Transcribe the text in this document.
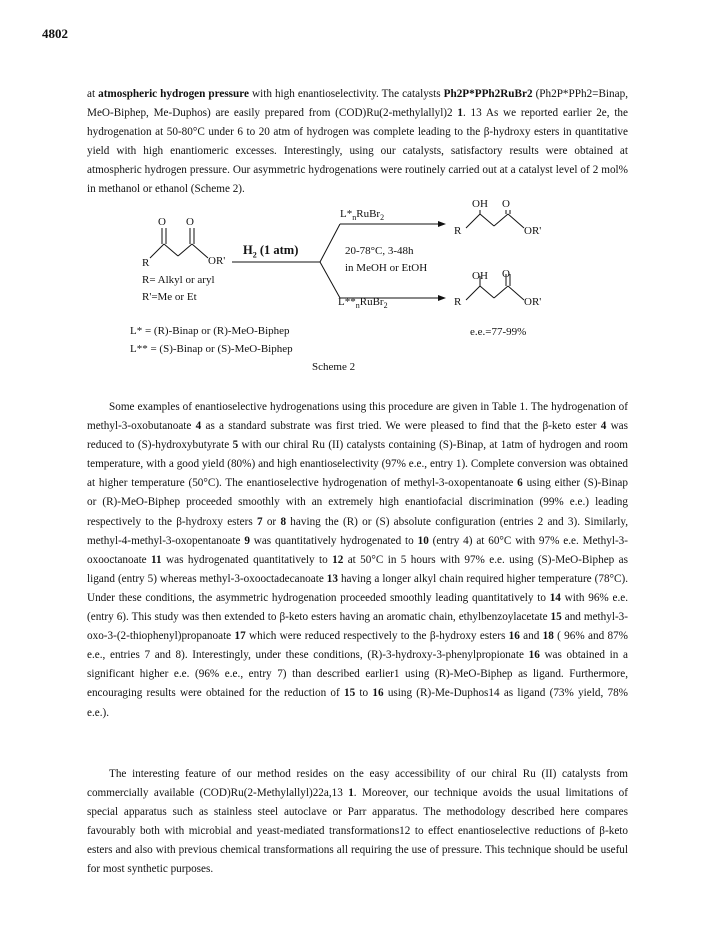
4802

at atmospheric hydrogen pressure with high enantioselectivity. The catalysts Ph2P*PPh2RuBr2 (Ph2P*PPh2=Binap, MeO-Biphep, Me-Duphos) are easily prepared from (COD)Ru(2-methylallyl)2 1. 13 As we reported earlier 2e, the hydrogenation at 50-80°C under 6 to 20 atm of hydrogen was complete leading to the β-hydroxy esters in quantitative yield with high enantiomeric excesses. Interestingly, using our catalysts, satisfactory results were obtained at atmospheric hydrogen pressure. Our asymmetric hydrogenations were routinely carried out at a catalyst level of 2 mol% in methanol or ethanol (Scheme 2).

O O
R	OR'
R= Alkyl or aryl
R'=Me or Et
$H_2$ (1 atm)
$L*_nRuBr_2$
20-78°C, 3-48h
in MeOH or EtOH
$L**_nRuBr_2$
OH O
R	OR'
OH O
R	OR'
e.e.=77-99%
L* = (R)-Binap or (R)-MeO-Biphep
L** = (S)-Binap or (S)-MeO-Biphep
Scheme 2

Some examples of enantioselective hydrogenations using this procedure are given in Table 1. The hydrogenation of methyl-3-oxobutanoate 4 as a standard substrate was first tried. We were pleased to find that the β-keto ester 4 was reduced to (S)-hydroxybutyrate 5 with our chiral Ru (II) catalysts containing (S)-Binap, at 1atm of hydrogen and room temperature, with a good yield (80%) and high enantioselectivity (97% e.e., entry 1). Complete conversion was obtained at higher temperature (50°C). The enantioselective hydrogenation of methyl-3-oxopentanoate 6 using either (S)-Binap or (R)-MeO-Biphep proceeded smoothly with an extremely high enantiofacial discrimination (99% e.e.) leading respectively to the β-hydroxy esters 7 or 8 having the (R) or (S) absolute configuration (entries 2 and 3). Similarly, methyl-4-methyl-3-oxopentanoate 9 was quantitatively hydrogenated to 10 (entry 4) at 60°C with 97% e.e. Methyl-3-oxooctanoate 11 was hydrogenated quantitatively to 12 at 50°C in 5 hours with 97% e.e. using (S)-MeO-Biphep as ligand (entry 5) whereas methyl-3-oxooctadecanoate 13 having a longer alkyl chain required higher temperature (78°C). Under these conditions, the asymmetric hydrogenation proceeded smoothly leading quantitatively to 14 with 96% e.e.(entry 6). This study was then extended to β-keto esters having an aromatic chain, ethylbenzoylacetate 15 and methyl-3-oxo-3-(2-thiophenyl)propanoate 17 which were reduced respectively to the β-hydroxy esters 16 and 18 ( 96% and 87% e.e., entries 7 and 8). Interestingly, under these conditions, (R)-3-hydroxy-3-phenylpropionate 16 was obtained in a significant higher e.e. (96% e.e., entry 7) than described earlier1 using (R)-MeO-Biphep as ligand. Furthermore, encouraging results were obtained for the reduction of 15 to 16 using (R)-Me-Duphos14 as ligand (73% yield, 78% e.e.).

The interesting feature of our method resides on the easy accessibility of our chiral Ru (II) catalysts from commercially available (COD)Ru(2-Methylallyl)22a,13 1. Moreover, our technique avoids the usual limitations of special apparatus such as stainless steel autoclave or Parr apparatus. The methodology described here compares favourably both with microbial and yeast-mediated transformations12 to effect enantioselective reductions of β-keto esters and also with previous chemical transformations all requiring the use of pressure. This technique should be useful for most synthetic purposes.
